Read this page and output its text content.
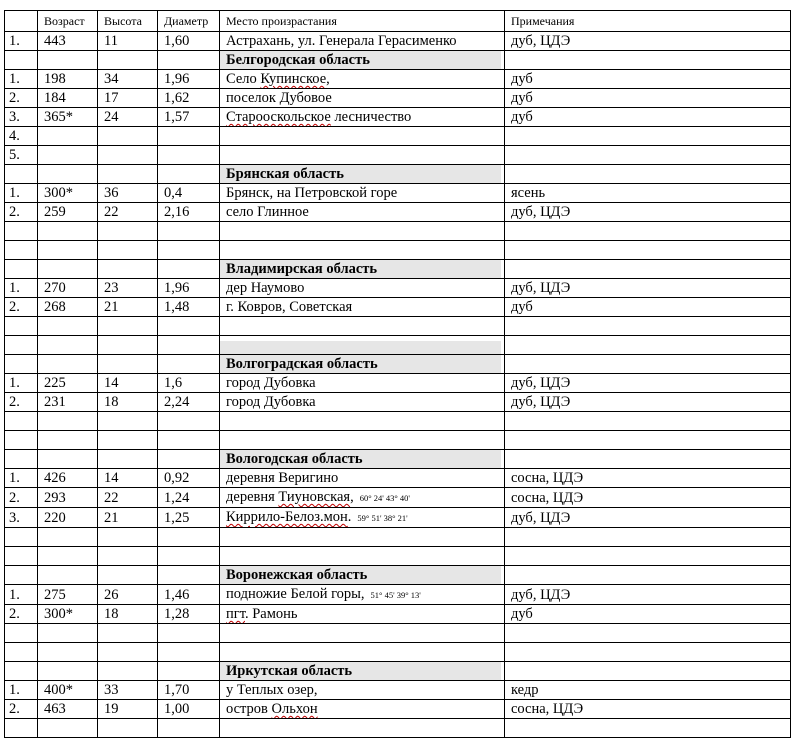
	Возраст	Высота	Диаметр	Место произрастания	Примечания
1.	443	11	1,60	Астрахань, ул. Генерала Герасименко	дуб, ЦДЭ

				Белгородская область	

1.	198	34	1,96	Село Купинское,	дуб
2.	184	17	1,62	поселок Дубовое	дуб
3.	365*	24	1,57	Старооскольское лесничество	дуб
4.					
5.					

				Брянская область	

1.	300*	36	0,4	Брянск, на Петровской горе	ясень
2.	259	22	2,16	село Глинное	дуб, ЦДЭ

				Владимирская область	

1.	270	23	1,96	дер Наумово	дуб, ЦДЭ
2.	268	21	1,48	г. Ковров, Советская	дуб

				Волгоградская область	

1.	225	14	1,6	город Дубовка	дуб, ЦДЭ
2.	231	18	2,24	город Дубовка	дуб, ЦДЭ

				Вологодская область	

1.	426	14	0,92	деревня Веригино	сосна, ЦДЭ
2.	293	22	1,24	деревня Тиуновская, 60° 24' 43° 40'	сосна, ЦДЭ
3.	220	21	1,25	Киррило-Белоз.мон. 59° 51' 38° 21'	дуб, ЦДЭ

				Воронежская область	

1.	275	26	1,46	подножие Белой горы, 51° 45' 39° 13'	дуб, ЦДЭ
2.	300*	18	1,28	пгт. Рамонь	дуб

				Иркутская область	

1.	400*	33	1,70	у Теплых озер,	кедр
2.	463	19	1,00	остров Ольхон	сосна, ЦДЭ
